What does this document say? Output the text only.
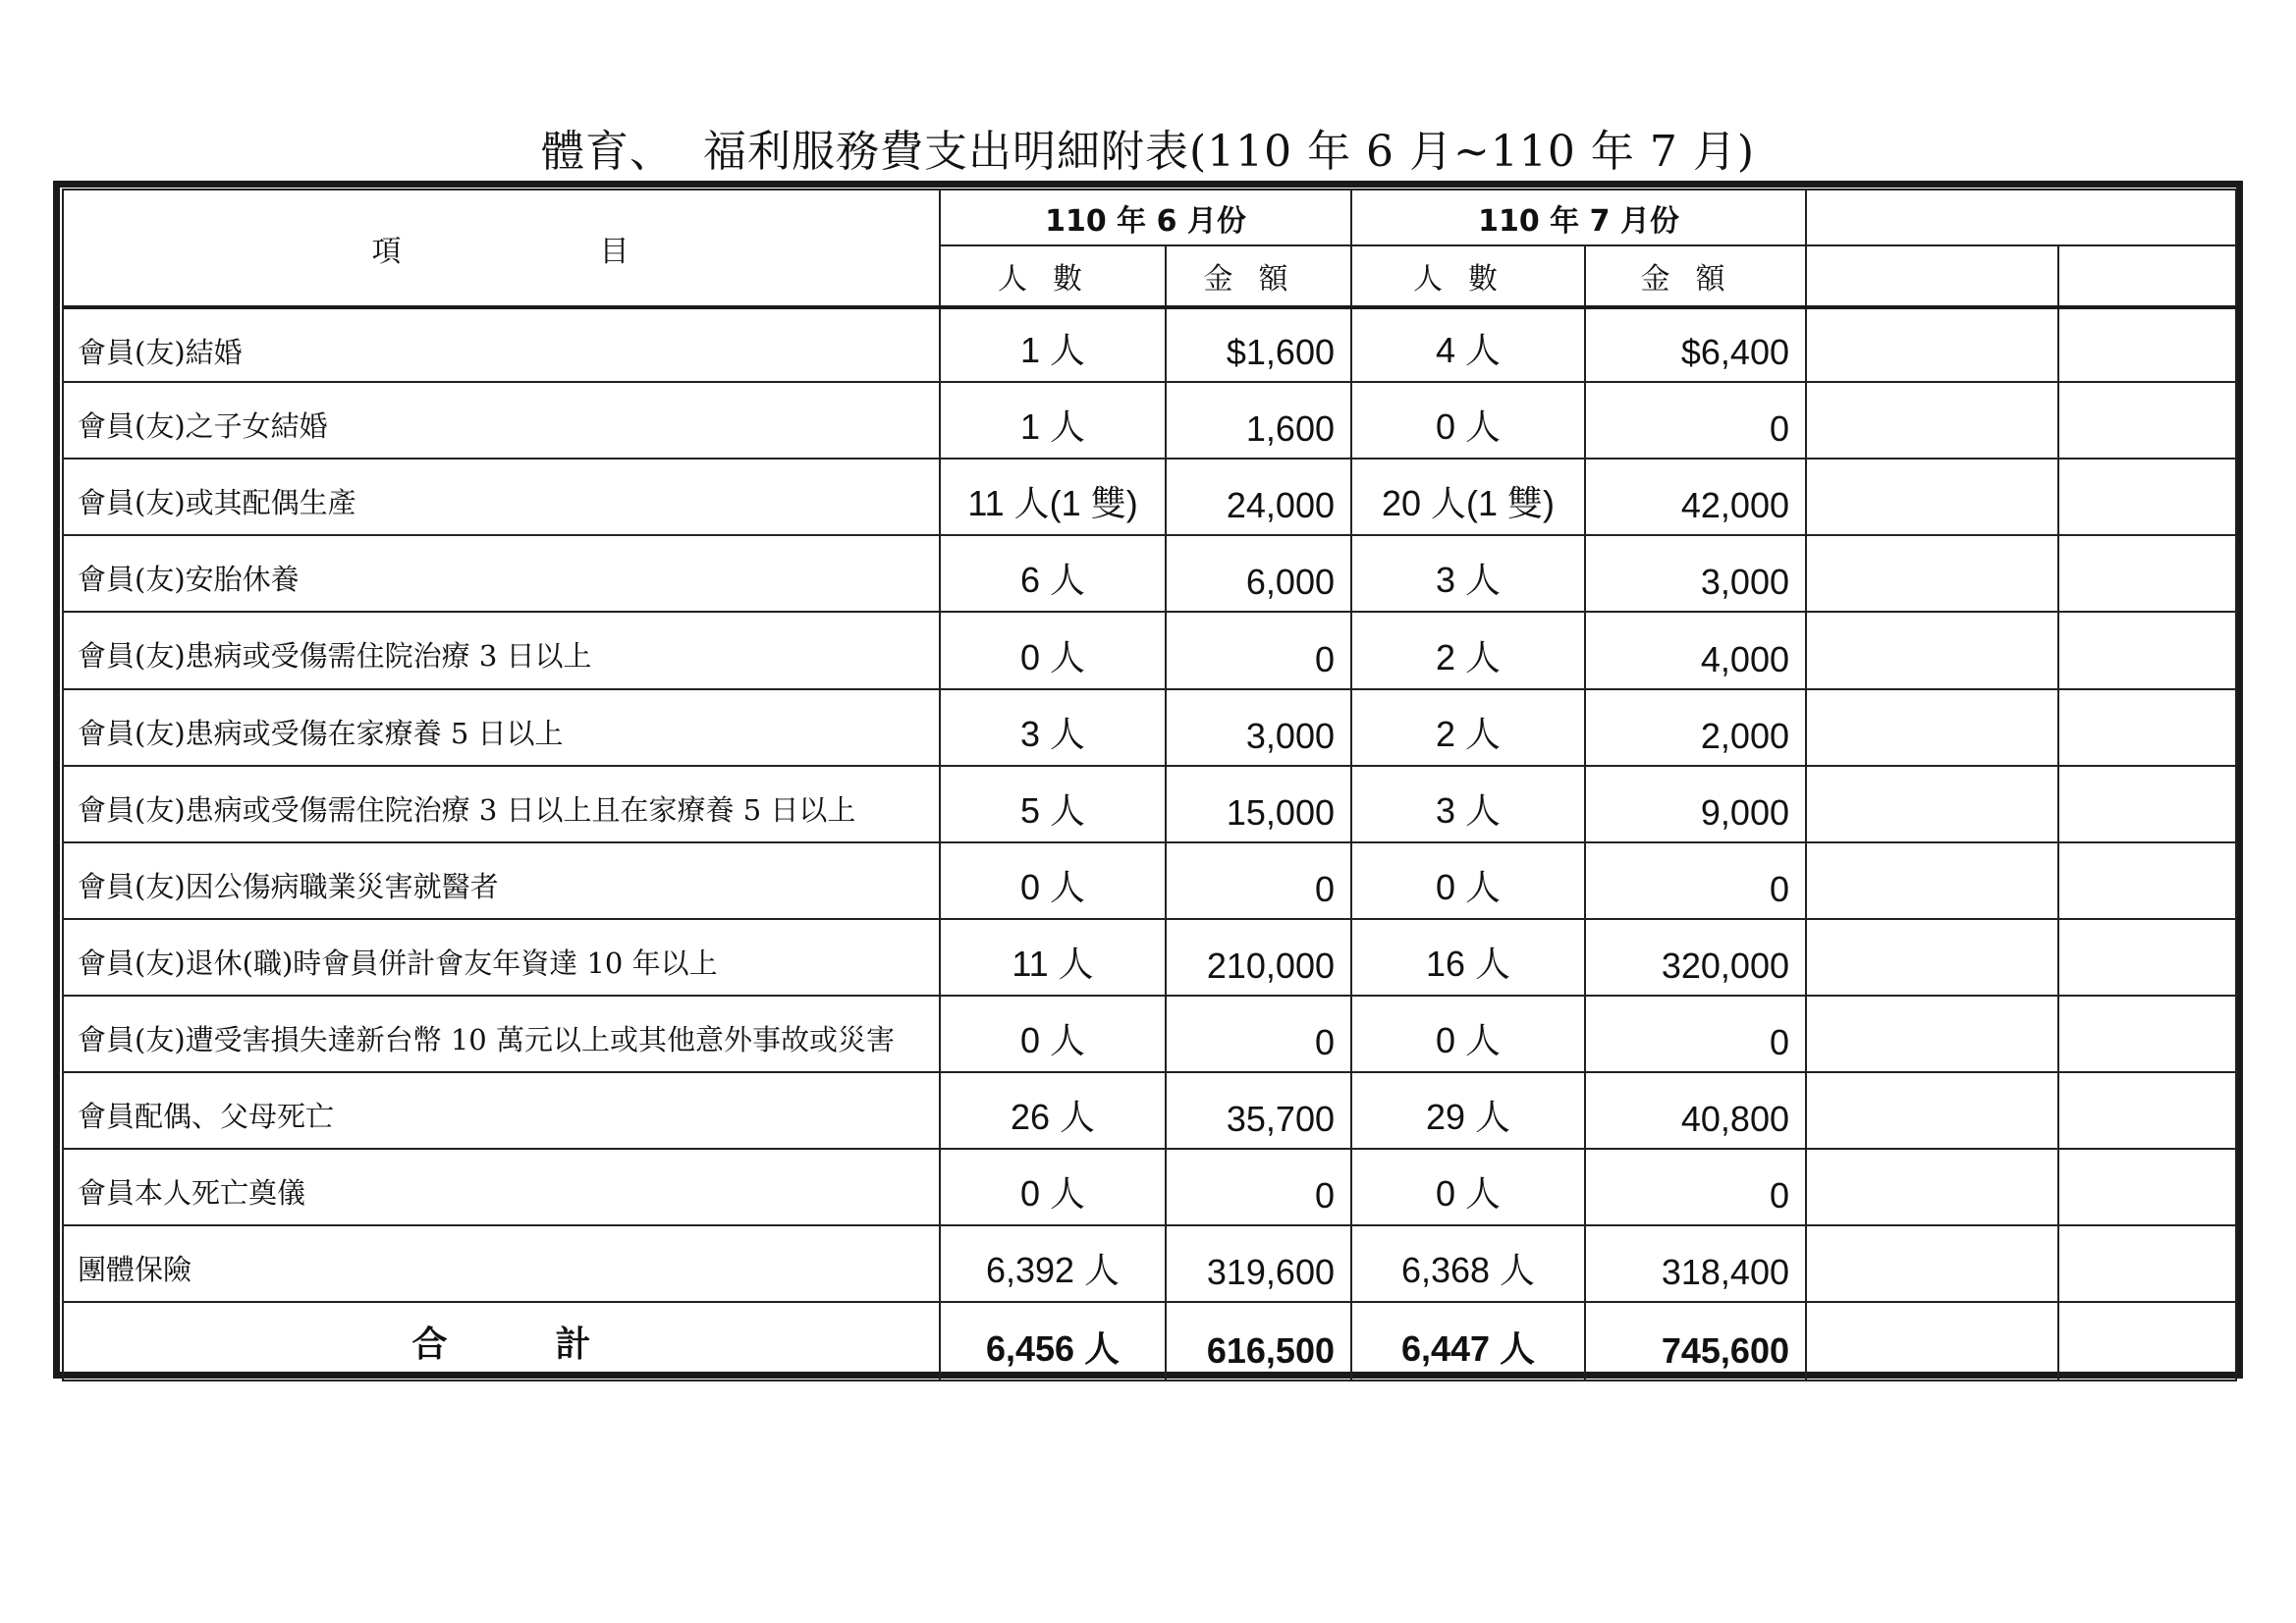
體育、  福利服務費支出明細附表(110 年 6 月~110 年 7 月)
項 目	110 年 6 月份		110 年 7 月份			
	人數	金額	人數	金額		

會員(友)結婚	1 人	$1,600	4 人	$6,400		

會員(友)之子女結婚	1 人	1,600	0 人	0		

會員(友)或其配偶生產	11 人(1 雙)	24,000	20 人(1 雙)	42,000		

會員(友)安胎休養	6 人	6,000	3 人	3,000		

會員(友)患病或受傷需住院治療 3 日以上	0 人	0	2 人	4,000		

會員(友)患病或受傷在家療養 5 日以上	3 人	3,000	2 人	2,000		

會員(友)患病或受傷需住院治療 3 日以上且在家療養 5 日以上	5 人	15,000	3 人	9,000		

會員(友)因公傷病職業災害就醫者	0 人	0	0 人	0		

會員(友)退休(職)時會員併計會友年資達 10 年以上	11 人	210,000	16 人	320,000		

會員(友)遭受害損失達新台幣 10 萬元以上或其他意外事故或災害	0 人	0	0 人	0		

會員配偶、父母死亡	26 人	35,700	29 人	40,800		

會員本人死亡奠儀	0 人	0	0 人	0		

團體保險	6,392 人	319,600	6,368 人	318,400		

合 計	6,456 人	616,500	6,447 人	745,600		
